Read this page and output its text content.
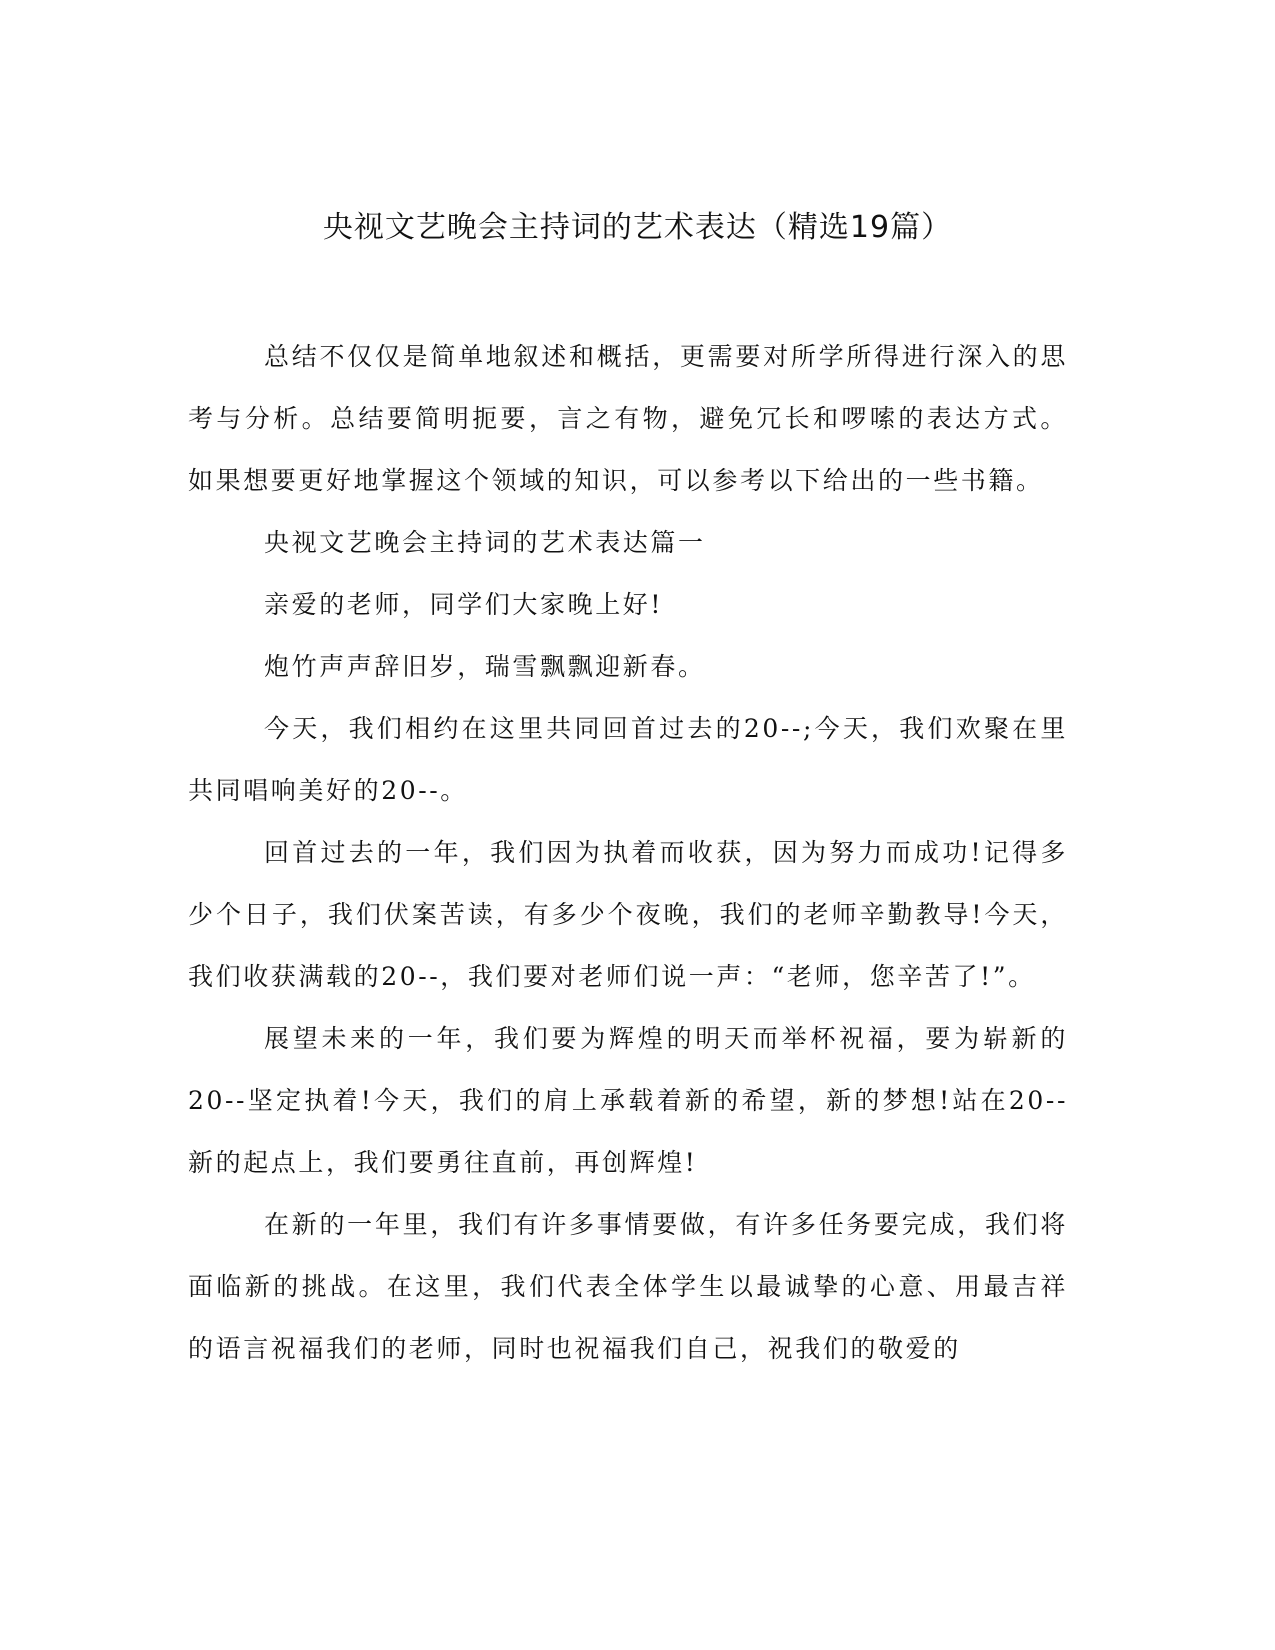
央视文艺晚会主持词的艺术表达（精选19篇）

总结不仅仅是简单地叙述和概括，更需要对所学所得进行深入的思考与分析。总结要简明扼要，言之有物，避免冗长和啰嗦的表达方式。如果想要更好地掌握这个领域的知识，可以参考以下给出的一些书籍。

央视文艺晚会主持词的艺术表达篇一

亲爱的老师，同学们大家晚上好!

炮竹声声辞旧岁，瑞雪飘飘迎新春。

今天，我们相约在这里共同回首过去的20--;今天，我们欢聚在里共同唱响美好的20--。

回首过去的一年，我们因为执着而收获，因为努力而成功!记得多少个日子，我们伏案苦读，有多少个夜晚，我们的老师辛勤教导!今天，我们收获满载的20--，我们要对老师们说一声：“老师，您辛苦了!”。

展望未来的一年，我们要为辉煌的明天而举杯祝福，要为崭新的20--坚定执着!今天，我们的肩上承载着新的希望，新的梦想!站在20--新的起点上，我们要勇往直前，再创辉煌!

在新的一年里，我们有许多事情要做，有许多任务要完成，我们将面临新的挑战。在这里，我们代表全体学生以最诚挚的心意、用最吉祥的语言祝福我们的老师，同时也祝福我们自己，祝我们的敬爱的
